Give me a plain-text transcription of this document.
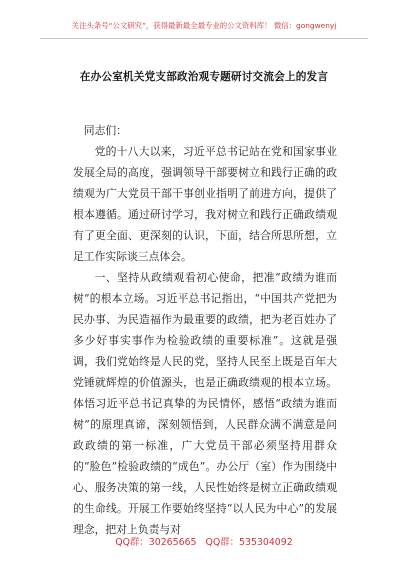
关注头条号“公文研究”，获得最新最全最专业的公文资料库！ 微信：gongwenyj
在办公室机关党支部政治观专题研讨交流会上的发言

同志们：

党的十八大以来，习近平总书记站在党和国家事业发展全局的高度，强调领导干部要树立和践行正确的政绩观为广大党员干部干事创业指明了前进方向，提供了根本遵循。通过研讨学习，我对树立和践行正确政绩观有了更全面、更深刻的认识，下面，结合所思所想，立足工作实际谈三点体会。

一、坚持从政绩观看初心使命，把准“政绩为谁而树”的根本立场。习近平总书记指出，“中国共产党把为民办事、为民造福作为最重要的政绩，把为老百姓办了多少好事实事作为检验政绩的重要标准”。这就是强调，我们党始终是人民的党，坚持人民至上既是百年大党锤就辉煌的价值源头，也是正确政绩观的根本立场。体悟习近平总书记真挚的为民情怀，感悟“政绩为谁而树”的原理真谛，深刻领悟到，人民群众满不满意是问政政绩的第一标准，广大党员干部必须坚持用群众的“脸色”检验政绩的“成色”。办公厅（室）作为围绕中心、服务决策的第一线，人民性始终是树立正确政绩观的生命线。开展工作要始终坚持“以人民为中心”的发展理念，把对上负责与对

QQ群：30265665 QQ群：535304092
